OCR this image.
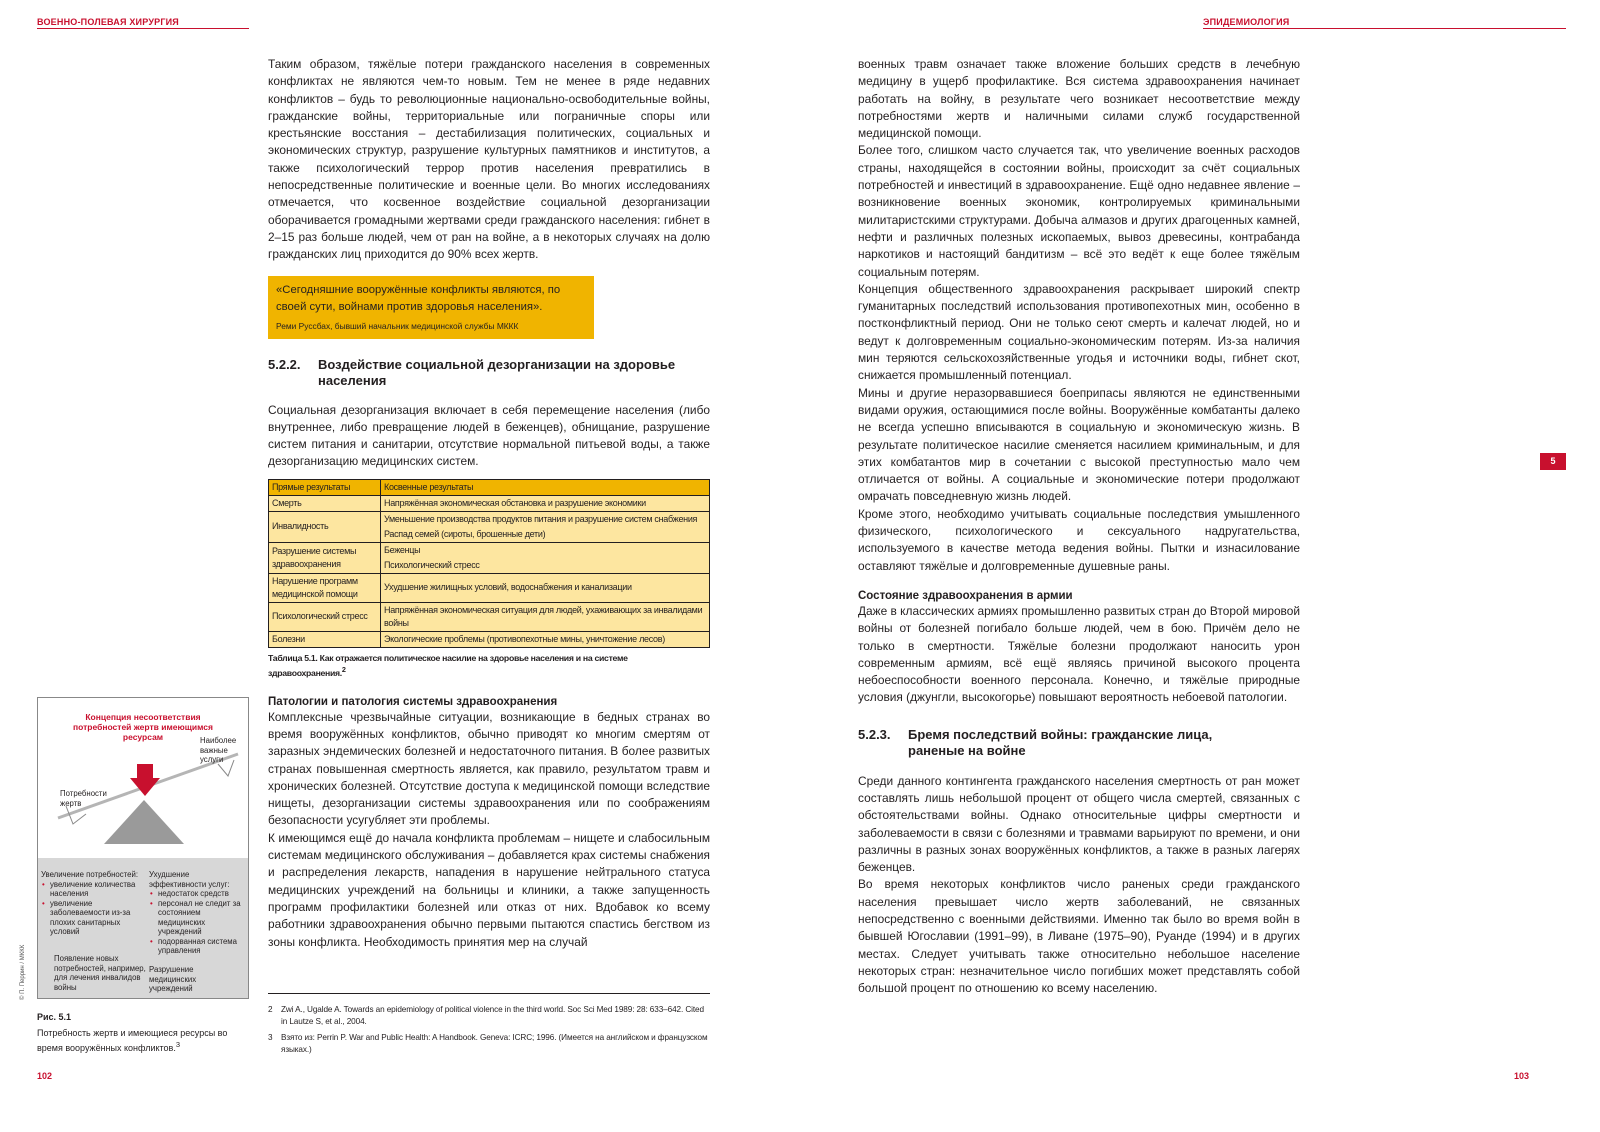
ВОЕННО-ПОЛЕВАЯ ХИРУРГИЯ

Таким образом, тяжёлые потери гражданского населения в современных конфликтах не являются чем-то новым. Тем не менее в ряде недавних конфликтов – будь то революционные национально-освободительные войны, гражданские войны, территориальные или пограничные споры или крестьянские восстания – дестабилизация политических, социальных и экономических структур, разрушение культурных памятников и институтов, а также психологический террор против населения превратились в непосредственные политические и военные цели. Во многих исследованиях отмечается, что косвенное воздействие социальной дезорганизации оборачивается громадными жертвами среди гражданского населения: гибнет в 2–15 раз больше людей, чем от ран на войне, а в некоторых случаях на долю гражданских лиц приходится до 90% всех жертв.

«Сегодняшние вооружённые конфликты являются, по своей сути, войнами против здоровья населения».
Реми Руссбах, бывший начальник медицинской службы МККК
5.2.2. Воздействие социальной дезорганизации на здоровье
населения

Социальная дезорганизация включает в себя перемещение населения (либо внутреннее, либо превращение людей в беженцев), обнищание, разрушение систем питания и санитарии, отсутствие нормальной питьевой воды, а также дезорганизацию медицинских систем.

Прямые результаты	Косвенные результаты
Смерть	Напряжённая экономическая обстановка и разрушение экономики
Инвалидность	Уменьшение производства продуктов питания и разрушение систем снабжения
Распад семей (сироты, брошенные дети)

Разрушение системы здравоохранения	Беженцы
Психологический стресс

Нарушение программ медицинской помощи	Ухудшение жилищных условий, водоснабжения и канализации
Психологический стресс	Напряжённая экономическая ситуация для людей, ухаживающих за инвалидами войны
Болезни	Экологические проблемы (противопехотные мины, уничтожение лесов)
Таблица 5.1. Как отражается политическое насилие на здоровье населения и на системе здравоохранения.$^2$
Патологии и патология системы здравоохранения

Комплексные чрезвычайные ситуации, возникающие в бедных странах во время вооружённых конфликтов, обычно приводят ко многим смертям от заразных эндемических болезней и недостаточного питания. В более развитых странах повышенная смертность является, как правило, результатом травм и хронических болезней. Отсутствие доступа к медицинской помощи вследствие нищеты, дезорганизации системы здравоохранения или по соображениям безопасности усугубляет эти проблемы.

К имеющимся ещё до начала конфликта проблемам – нищете и слабосильным системам медицинского обслуживания – добавляется крах системы снабжения и распределения лекарств, нападения в нарушение нейтрального статуса медицинских учреждений на больницы и клиники, а также запущенность программ профилактики болезней или отказ от них. Вдобавок ко всему работники здравоохранения обычно первыми пытаются спастись бегством из зоны конфликта. Необходимость принятия мер на случай

2	Zwi A., Ugalde A. Towards an epidemiology of political violence in the third world. Soc Sci Med 1989: 28: 633–642. Cited in Lautze S, et al., 2004.
3	Взято из: Perrin P. War and Public Health: A Handbook. Geneva: ICRC; 1996. (Имеется на английском и французском языках.)
Концепция несоответствия потребностей жертв имеющимся ресурсам
Потребности жертв
Наиболее важные услуги
Увеличение потребностей:
• увеличение количества населения
• увеличение заболеваемости из-за плохих санитарных условий
Появление новых потребностей, например, для лечения инвалидов войны
Ухудшение эффективности услуг:
• недостаток средств
• персонал не следит за состоянием медицинских учреждений
• подорванная система управления
Разрушение медицинских учреждений
© П. Перрин / МККК
Рис. 5.1
Потребность жертв и имеющиеся ресурсы во время вооружённых конфликтов.$^3$
102
ЭПИДЕМИОЛОГИЯ
5

военных травм означает также вложение больших средств в лечебную медицину в ущерб профилактике. Вся система здравоохранения начинает работать на войну, в результате чего возникает несоответствие между потребностями жертв и наличными силами служб государственной медицинской помощи.

Более того, слишком часто случается так, что увеличение военных расходов страны, находящейся в состоянии войны, происходит за счёт социальных потребностей и инвестиций в здравоохранение. Ещё одно недавнее явление – возникновение военных экономик, контролируемых криминальными милитаристскими структурами. Добыча алмазов и других драгоценных камней, нефти и различных полезных ископаемых, вывоз древесины, контрабанда наркотиков и настоящий бандитизм – всё это ведёт к еще более тяжёлым социальным потерям.

Концепция общественного здравоохранения раскрывает широкий спектр гуманитарных последствий использования противопехотных мин, особенно в постконфликтный период. Они не только сеют смерть и калечат людей, но и ведут к долговременным социально-экономическим потерям. Из-за наличия мин теряются сельскохозяйственные угодья и источники воды, гибнет скот, снижается промышленный потенциал.

Мины и другие неразорвавшиеся боеприпасы являются не единственными видами оружия, остающимися после войны. Вооружённые комбатанты далеко не всегда успешно вписываются в социальную и экономическую жизнь. В результате политическое насилие сменяется насилием криминальным, и для этих комбатантов мир в сочетании с высокой преступностью мало чем отличается от войны. А социальные и экономические потери продолжают омрачать повседневную жизнь людей.

Кроме этого, необходимо учитывать социальные последствия умышленного физического, психологического и сексуального надругательства, используемого в качестве метода ведения войны. Пытки и изнасилование оставляют тяжёлые и долговременные душевные раны.

Состояние здравоохранения в армии

Даже в классических армиях промышленно развитых стран до Второй мировой войны от болезней погибало больше людей, чем в бою. Причём дело не только в смертности. Тяжёлые болезни продолжают наносить урон современным армиям, всё ещё являясь причиной высокого процента небоеспособности военного персонала. Конечно, и тяжёлые природные условия (джунгли, высокогорье) повышают вероятность небоевой патологии.

5.2.3. Бремя последствий войны: гражданские лица,
раненые на войне

Среди данного контингента гражданского населения смертность от ран может составлять лишь небольшой процент от общего числа смертей, связанных с обстоятельствами войны. Однако относительные цифры смертности и заболеваемости в связи с болезнями и травмами варьируют по времени, и они различны в разных зонах вооружённых конфликтов, а также в разных лагерях беженцев.

Во время некоторых конфликтов число раненых среди гражданского населения превышает число жертв заболеваний, не связанных непосредственно с военными действиями. Именно так было во время войн в бывшей Югославии (1991–99), в Ливане (1975–90), Руанде (1994) и в других местах. Следует учитывать также относительно небольшое население некоторых стран: незначительное число погибших может представлять собой большой процент по отношению ко всему населению.

103
